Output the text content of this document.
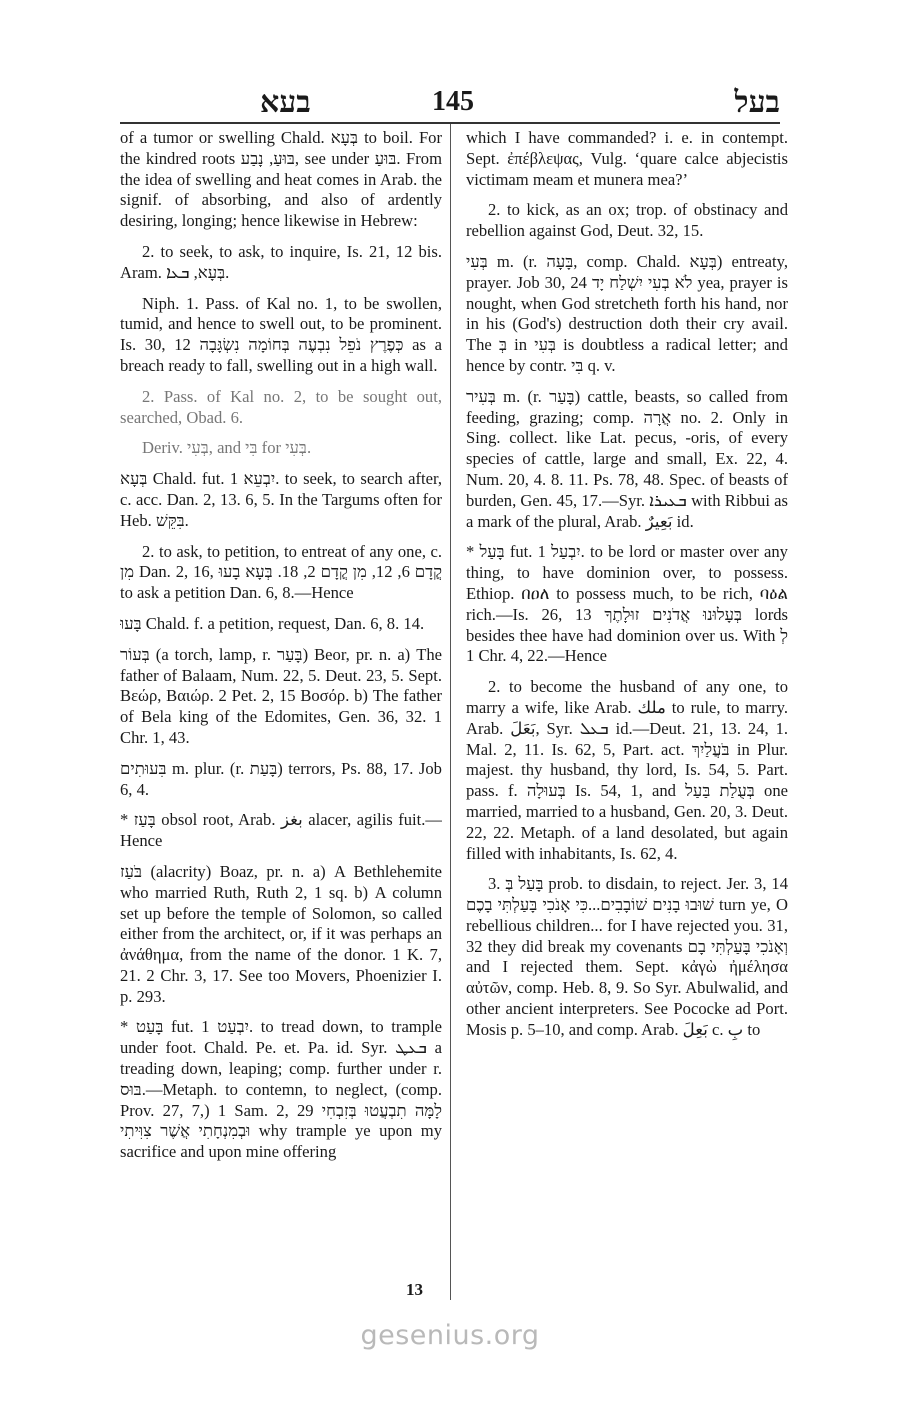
בעא	145	בעל

of a tumor or swelling Chald. בְּעָא to boil. For the kindred roots בּוּעַ, נָבַע, see under בּוּעַ. From the idea of swelling and heat comes in Arab. the signif. of absorbing, and also of ardently desiring, longing; hence likewise in Hebrew:

2. to seek, to ask, to inquire, Is. 21, 12 bis. Aram. בְּעָא, ܒܥܐ.

Niph. 1. Pass. of Kal no. 1, to be swollen, tumid, and hence to swell out, to be prominent. Is. 30, 12 כְּפֶרֶץ נֹפֵל נִבְעֶה בְּחוֹמָה נִשְׂגָּבָה as a breach ready to fall, swelling out in a high wall.

2. Pass. of Kal no. 2, to be sought out, searched, Obad. 6.

Deriv. בְּעִי, and בִּי for בְּעִי.

בְּעָא Chald. fut. יִבְעֵא 1. to seek, to search after, c. acc. Dan. 2, 13. 6, 5. In the Targums often for Heb. בִּקֵּשׁ.

2. to ask, to petition, to entreat of any one, c. מִן Dan. 2, 16, קֳדָם 6, 12, מִן קֳדָם 2, 18. בְּעָא בָעוּ to ask a petition Dan. 6, 8.—Hence

בָּעוּ Chald. f. a petition, request, Dan. 6, 8. 14.

בְּעוֹר (a torch, lamp, r. בָּעַר) Beor, pr. n. a) The father of Balaam, Num. 22, 5. Deut. 23, 5. Sept. Βεώρ, Βαιώρ. 2 Pet. 2, 15 Βοσόρ. b) The father of Bela king of the Edomites, Gen. 36, 32. 1 Chr. 1, 43.

בִּעוּתִים m. plur. (r. בָּעַת) terrors, Ps. 88, 17. Job 6, 4.

* בָּעַז obsol root, Arab. بغز alacer, agilis fuit.—Hence

בֹּעַז (alacrity) Boaz, pr. n. a) A Bethlehemite who married Ruth, Ruth 2, 1 sq. b) A column set up before the temple of Solomon, so called either from the architect, or, if it was perhaps an ἀνάθημα, from the name of the donor. 1 K. 7, 21. 2 Chr. 3, 17. See too Movers, Phoenizier I. p. 293.

* בָּעַט fut. יִבְעַט 1. to tread down, to trample under foot. Chald. Pe. et. Pa. id. Syr. ܒܥܛ a treading down, leaping; comp. further under r. בּוּס.—Metaph. to contemn, to neglect, (comp. Prov. 27, 7,) 1 Sam. 2, 29 לָמָּה תִבְעֲטוּ בְּזִבְחִי וּבְמִנְחָתִי אֲשֶׁר צִוִּיתִי why trample ye upon my sacrifice and upon mine offering

which I have commanded? i. e. in contempt. Sept. ἐπέβλεψας, Vulg. ‘quare calce abjecistis victimam meam et munera mea?’

2. to kick, as an ox; trop. of obstinacy and rebellion against God, Deut. 32, 15.

בְּעִי m. (r. בָּעָה, comp. Chald. בְּעָא) entreaty, prayer. Job 30, 24 לֹא בְעִי יִשְׁלַח יָד yea, prayer is nought, when God stretcheth forth his hand, nor in his (God's) destruction doth their cry avail. The בְּ in בְּעִי is doubtless a radical letter; and hence by contr. בִּי q. v.

בְּעִיר m. (r. בָּעַר) cattle, beasts, so called from feeding, grazing; comp. אֲרָה no. 2. Only in Sing. collect. like Lat. pecus, -oris, of every species of cattle, large and small, Ex. 22, 4. Num. 20, 4. 8. 11. Ps. 78, 48. Spec. of beasts of burden, Gen. 45, 17.—Syr. ܒܥܝܪܐ with Ribbui as a mark of the plural, Arab. بَعِيرٌ id.

* בָּעַל fut. יִבְעַל 1. to be lord or master over any thing, to have dominion over, to possess. Ethiop. በዐለ to possess much, to be rich, ባዕል rich.—Is. 26, 13 בְּעָלוּנוּ אֲדֹנִים זוּלָתֶךָ lords besides thee have had dominion over us. With לְ 1 Chr. 4, 22.—Hence

2. to become the husband of any one, to marry a wife, like Arab. ملك to rule, to marry. Arab. بَعَلَ, Syr. ܒܥܠ id.—Deut. 21, 13. 24, 1. Mal. 2, 11. Is. 62, 5, Part. act. בֹּעֲלַיִךְ in Plur. majest. thy husband, thy lord, Is. 54, 5. Part. pass. f. בְּעוּלָה Is. 54, 1, and בְּעֻלַת בַּעַל one married, married to a husband, Gen. 20, 3. Deut. 22, 22. Metaph. of a land desolated, but again filled with inhabitants, Is. 62, 4.

3. בָּעַל בְּ prob. to disdain, to reject. Jer. 3, 14 שׁוּבוּ בָנִים שׁוֹבָבִים...כִּי אָנֹכִי בָּעַלְתִּי בָכֶם turn ye, O rebellious children... for I have rejected you. 31, 32 they did break my covenants וְאָנֹכִי בָּעַלְתִּי בָם and I rejected them. Sept. κἀγὼ ἠμέλησα αὐτῶν, comp. Heb. 8, 9. So Syr. Abulwalid, and other ancient interpreters. See Pococke ad Port. Mosis p. 5–10, and comp. Arab. بَعِلَ c. بِ to

13
gesenius.org
